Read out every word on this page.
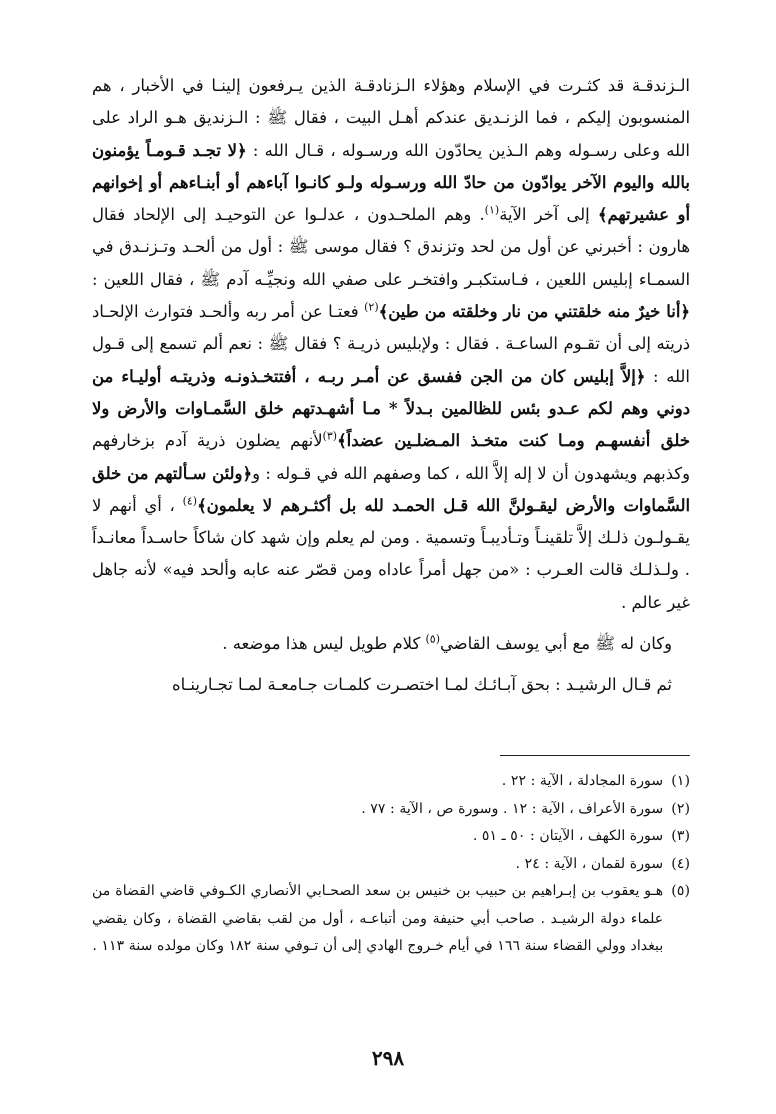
الـزندقـة قد كثـرت في الإسلام وهؤلاء الـزنادقـة الذين يـرفعون إلينـا في الأخبار ، هم المنسوبون إليكم ، فما الزنـديق عندكم أهـل البيت ، فقال ﷺ : الـزنديق هـو الراد على الله وعلى رسـوله وهم الـذين يحادّون الله ورسـوله ، قـال الله : ﴿لا تجـد قـومـاً يؤمنون بالله واليوم الآخر يوادّون من حادّ الله ورسـوله ولـو كانـوا آباءهم أو أبنـاءهم أو إخوانهم أو عشيرتهم﴾ إلى آخر الآية$^{(١)}$. وهم الملحـدون ، عدلـوا عن التوحيـد إلى الإلحاد فقال هارون : أخبرني عن أول من لحد وتزندق ؟ فقال موسى ﷺ : أول من ألحـد وتـزنـدق في السمـاء إبليس اللعين ، فـاستكبـر وافتخـر على صفي الله ونجيِّـه آدم ﷺ ، فقال اللعين : ﴿أنا خيرٌ منه خلقتني من نار وخلقته من طين﴾$^{(٢)}$ فعتـا عن أمر ربه وألحـد فتوارث الإلحـاد ذريته إلى أن تقـوم الساعـة . فقال : ولإبليس ذريـة ؟ فقال ﷺ : نعم ألم تسمع إلى قـول الله : ﴿إلاَّ إبليس كان من الجن ففسق عن أمـر ربـه ، أفتتخـذونـه وذريتـه أوليـاء من دوني وهم لكم عـدو بئس للظالمين بـدلاً * مـا أشهـدتهم خلق السَّمـاوات والأرض ولا خلق أنفسهـم ومـا كنت متخـذ المـضلـين عضداً﴾$^{(٣)}$لأنهم يضلون ذرية آدم بزخارفهم وكذبهم ويشهدون أن لا إله إلاَّ الله ، كما وصفهم الله في قـوله : و﴿ولئن سـألتهم من خلق السَّماوات والأرض ليقـولنَّ الله قـل الحمـد لله بل أكثـرهم لا يعلمون﴾$^{(٤)}$ ، أي أنهم لا يقـولـون ذلـك إلاَّ تلقينـاً وتـأديبـاً وتسمية . ومن لم يعلم وإن شهد كان شاكاً حاسـداً معانـداً . ولـذلـك قالت العـرب : «من جهل أمراً عاداه ومن قصّر عنه عابه وألحد فيه» لأنه جاهل غير عالم .

وكان له ﷺ مع أبي يوسف القاضي$^{(٥)}$ كلام طويل ليس هذا موضعه .

ثم قـال الرشيـد : بحق آبـائـك لمـا اختصـرت كلمـات جـامعـة لمـا تجـارينـاه

(١)
سورة المجادلة ، الآية : ٢٢ .
(٢)
سورة الأعراف ، الآية : ١٢ . وسورة ص ، الآية : ٧٧ .
(٣)
سورة الكهف ، الآيتان : ٥٠ ـ ٥١ .
(٤)
سورة لقمان ، الآية : ٢٤ .
(٥)
هـو يعقوب بن إبـراهيم بن حبيب بن خنيس بن سعد الصحـابي الأنصاري الكـوفي قاضي القضاة من علماء دولة الرشيـد . صاحب أبي حنيفة ومن أتباعـه ، أول من لقب بقاضي القضاة ، وكان يقضي ببغداد وولي القضاء سنة ١٦٦ في أيام خـروج الهادي إلى أن تـوفي سنة ١٨٢ وكان مولده سنة ١١٣ .
٢٩٨
